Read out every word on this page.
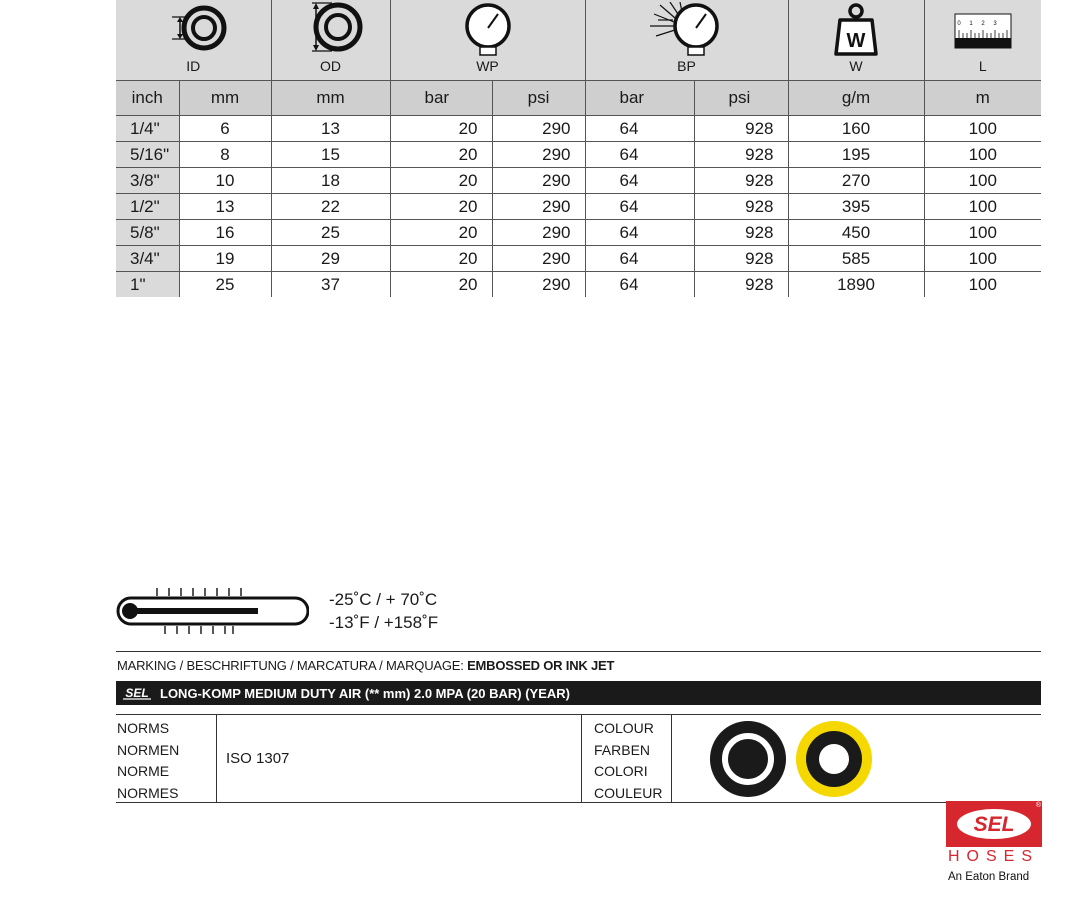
ID		OD	WP		BP		W
W	0 1 2 3
L

inch	mm	mm	bar	psi	bar	psi	g/m	m
1/4"	6	13	20	290	64	928	160	100
5/16"	8	15	20	290	64	928	195	100
3/8"	10	18	20	290	64	928	270	100
1/2"	13	22	20	290	64	928	395	100
5/8"	16	25	20	290	64	928	450	100
3/4"	19	29	20	290	64	928	585	100
1"	25	37	20	290	64	928	1890	100
-25˚C / + 70˚C
-13˚F / +158˚F
MARKING / BESCHRIFTUNG / MARCATURA / MARQUAGE: EMBOSSED OR INK JET
SEL LONG-KOMP MEDIUM DUTY AIR (** mm) 2.0 MPA (20 BAR) (YEAR)
NORMS
NORMEN
NORME
NORMES
ISO 1307
COLOUR
FARBEN
COLORI
COULEUR
SEL
®
HOSES
An Eaton Brand
